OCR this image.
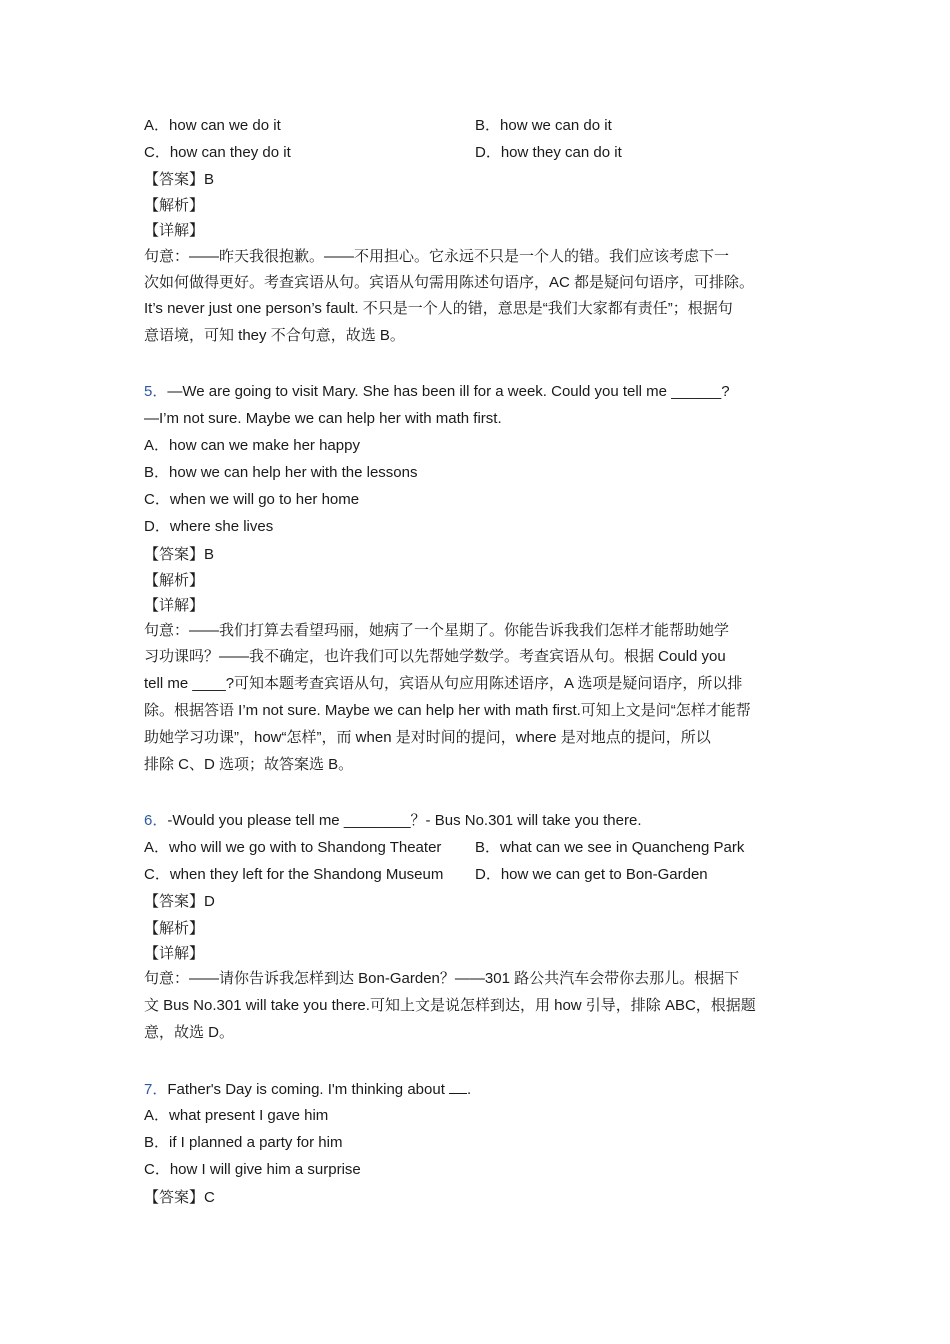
A．how can we do it	B．how we can do it
C．how can they do it	D．how they can do it
【答案】B
【解析】
【详解】
句意：——昨天我很抱歉。——不用担心。它永远不只是一个人的错。我们应该考虑下一
次如何做得更好。考查宾语从句。宾语从句需用陈述句语序，AC 都是疑问句语序，可排除。
It’s never just one person’s fault. 不只是一个人的错，意思是“我们大家都有责任”；根据句
意语境，可知 they 不合句意，故选 B。
5．—We are going to visit Mary. She has been ill for a week. Could you tell me ______?
—I’m not sure. Maybe we can help her with math first.
A．how can we make her happy
B．how we can help her with the lessons
C．when we will go to her home
D．where she lives
【答案】B
【解析】
【详解】
句意：——我们打算去看望玛丽，她病了一个星期了。你能告诉我我们怎样才能帮助她学
习功课吗？——我不确定，也许我们可以先帮她学数学。考查宾语从句。根据 Could you
tell me ____?可知本题考查宾语从句，宾语从句应用陈述语序，A 选项是疑问语序，所以排
除。根据答语 I’m not sure. Maybe we can help her with math first.可知上文是问“怎样才能帮
助她学习功课”，how“怎样”，而 when 是对时间的提问，where 是对地点的提问，所以
排除 C、D 选项；故答案选 B。
6．-Would you please tell me ________？- Bus No.301 will take you there.
A．who will we go with to Shandong Theater B．what can we see in Quancheng Park
C．when they left for the Shandong Museum D．how we can get to Bon-Garden
【答案】D
【解析】
【详解】
句意：——请你告诉我怎样到达 Bon-Garden？——301 路公共汽车会带你去那儿。根据下
文 Bus No.301 will take you there.可知上文是说怎样到达，用 how 引导，排除 ABC，根据题
意，故选 D。
7．Father's Day is coming. I'm thinking about .
A．what present I gave him
B．if I planned a party for him
C．how I will give him a surprise
【答案】C
